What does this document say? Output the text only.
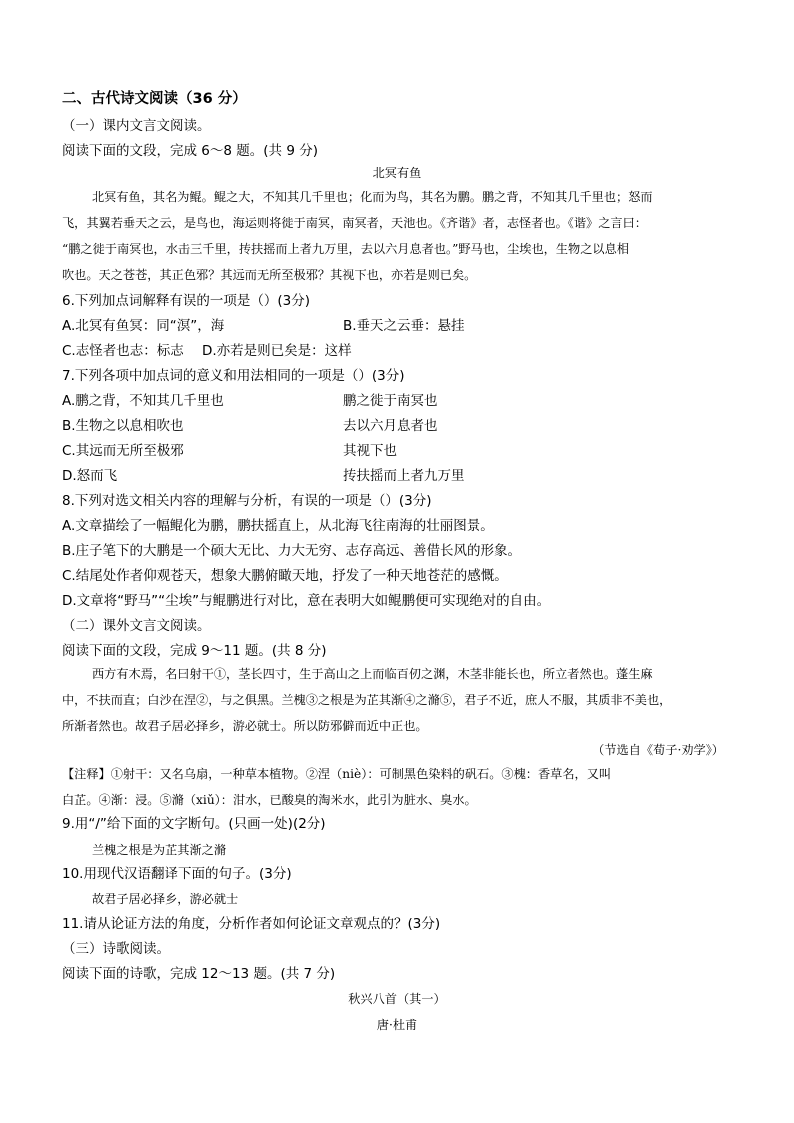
二、古代诗文阅读（36 分）
（一）课内文言文阅读。
阅读下面的文段，完成 6～8 题。(共 9 分)
北冥有鱼
北冥有鱼，其名为鲲。鲲之大，不知其几千里也；化而为鸟，其名为鹏。鹏之背，不知其几千里也；怒而
飞，其翼若垂天之云，是鸟也，海运则将徙于南冥，南冥者，天池也。《齐谐》者，志怪者也。《谐》之言曰：
“鹏之徙于南冥也，水击三千里，抟扶摇而上者九万里，去以六月息者也。”野马也，尘埃也，生物之以息相
吹也。天之苍苍，其正色邪？其远而无所至极邪？其视下也，亦若是则已矣。
6.下列加点词解释有误的一项是（）(3分)
A.北冥有鱼冥：同“溟”，海	B.垂天之云垂：悬挂
C.志怪者也志：标志 D.亦若是则已矣是：这样
7.下列各项中加点词的意义和用法相同的一项是（）(3分)
A.鹏之背，不知其几千里也	鹏之徙于南冥也
B.生物之以息相吹也	去以六月息者也
C.其远而无所至极邪	其视下也
D.怒而飞	抟扶摇而上者九万里
8.下列对选文相关内容的理解与分析，有误的一项是（）(3分)
A.文章描绘了一幅鲲化为鹏，鹏扶摇直上，从北海飞往南海的壮丽图景。
B.庄子笔下的大鹏是一个硕大无比、力大无穷、志存高远、善借长风的形象。
C.结尾处作者仰观苍天，想象大鹏俯瞰天地，抒发了一种天地苍茫的感慨。
D.文章将“野马”“尘埃”与鲲鹏进行对比，意在表明大如鲲鹏便可实现绝对的自由。
（二）课外文言文阅读。
阅读下面的文段，完成 9～11 题。(共 8 分)
西方有木焉，名曰射干①，茎长四寸，生于高山之上而临百仞之渊，木茎非能长也，所立者然也。蓬生麻
中，不扶而直；白沙在涅②，与之俱黑。兰槐③之根是为芷其渐④之滫⑤，君子不近，庶人不服，其质非不美也，
所渐者然也。故君子居必择乡，游必就士。所以防邪僻而近中正也。
（节选自《荀子·劝学》）
【注释】①射干：又名乌扇，一种草本植物。②涅（niè）：可制黑色染料的矾石。③槐：香草名，又叫
白芷。④渐：浸。⑤滫（xiǔ）：泔水，已酸臭的淘米水，此引为脏水、臭水。
9.用“/”给下面的文字断句。(只画一处)(2分)
兰槐之根是为芷其渐之滫
10.用现代汉语翻译下面的句子。(3分)
故君子居必择乡，游必就士
11.请从论证方法的角度，分析作者如何论证文章观点的？(3分)
（三）诗歌阅读。
阅读下面的诗歌，完成 12～13 题。(共 7 分)
秋兴八首（其一）
唐·杜甫
